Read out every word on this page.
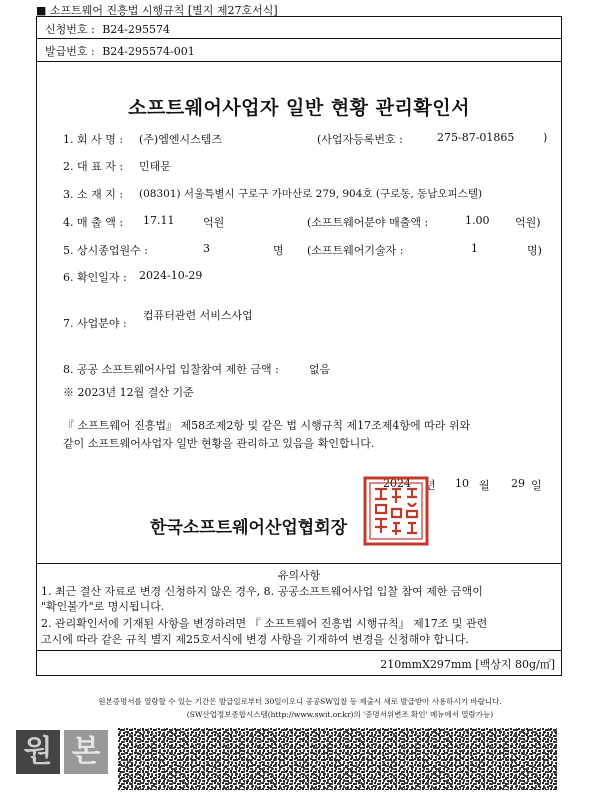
■ 소프트웨어 진흥법 시행규칙 [별지 제27호서식]
신청번호 : B24-295574
발급번호 : B24-295574-001
소프트웨어사업자 일반 현황 관리확인서
1. 회 사 명 : (주)엠엔시스템즈	(사업자등록번호 :	275-87-01865	)
2. 대 표 자 : 민태문
3. 소 재 지 : (08301) 서울특별시 구로구 가마산로 279, 904호 (구로동, 동남오피스텔)
4. 매 출 액 : 17.11	억원	(소프트웨어분야 매출액 :	1.00 억원)
5. 상시종업원수 :	3	명 (소프트웨어기술자 :	1	명)
6. 확인일자 : 2024-10-29
7. 사업분야 :
컴퓨터관련 서비스사업
8. 공공 소프트웨어사업 입찰참여 제한 금액 :	없음
※ 2023년 12월 결산 기준
『 소프트웨어 진흥법』 제58조제2항 및 같은 법 시행규칙 제17조제4항에 따라 위와
같이 소프트웨어사업자 일반 현황을 관리하고 있음을 확인합니다.
2024 년 10 월 29 일
한국소프트웨어산업협회장
유의사항
1. 최근 결산 자료로 변경 신청하지 않은 경우, 8. 공공소프트웨어사업 입찰 참여 제한 금액이
"확인불가"로 명시됩니다.
2. 관리확인서에 기재된 사항을 변경하려면 『 소프트웨어 진흥법 시행규칙』 제17조 및 관련
고시에 따라 같은 규칙 별지 제25호서식에 변경 사항을 기재하여 변경을 신청해야 합니다.
210mmX297mm [백상지 80g/㎡]
원본증명서를 열람할 수 있는 기간은 발급일로부터 30일이오니 공공SW입찰 등 제출시 새로 발급받아 사용하시기 바랍니다.
(SW산업정보종합시스템(http://www.swit.or.kr)의 '증명서위변조 확인' 메뉴에서 열람가능)
원 본
